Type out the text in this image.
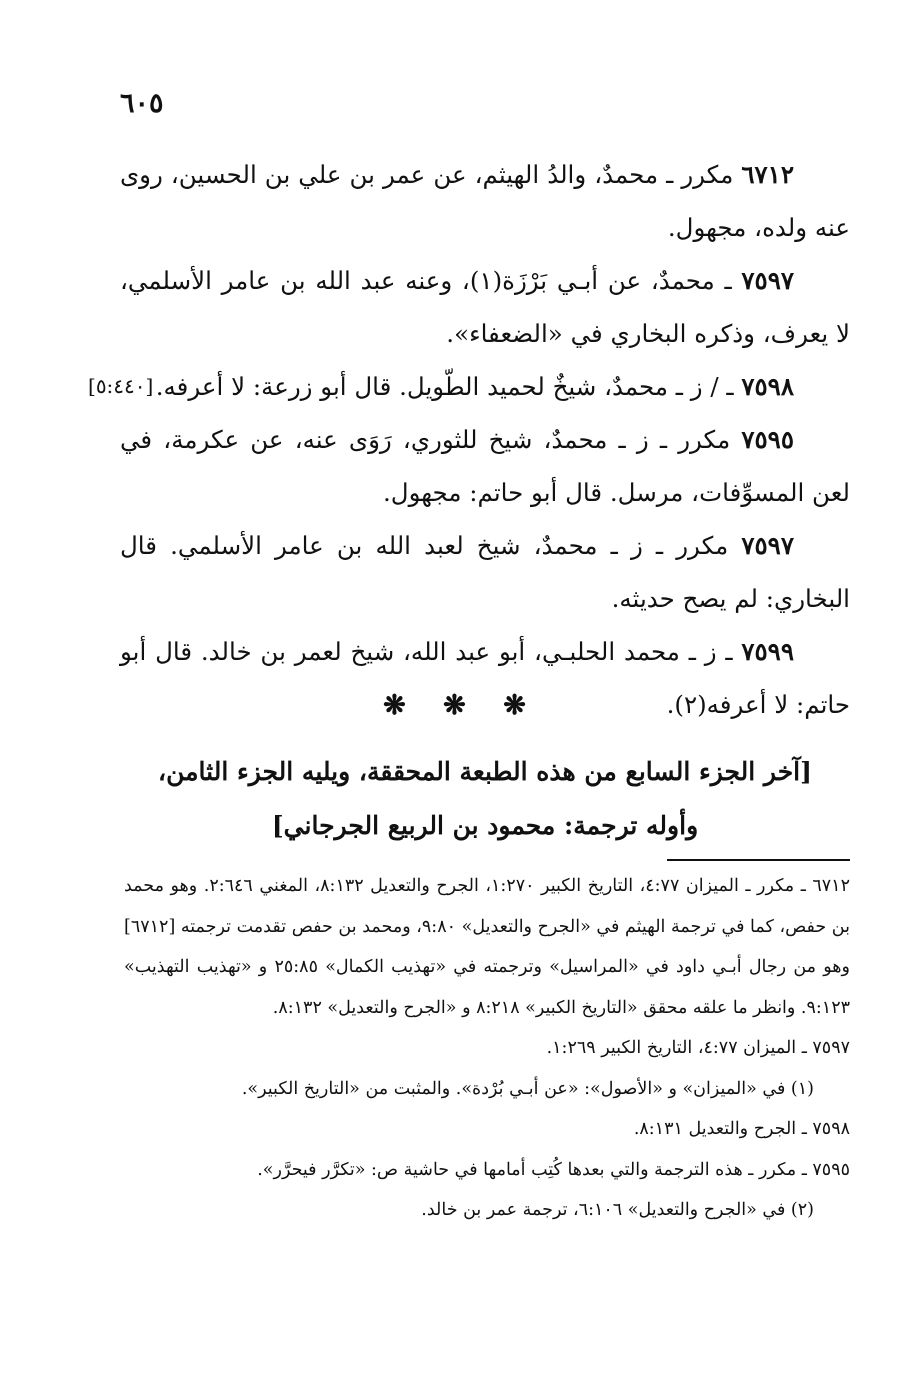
٦٠٥

٦٧١٢ مكرر ـ محمدٌ، والدُ الهيثم، عن عمر بن علي بن الحسين، روى عنه ولده، مجهول.

٧٥٩٧ ـ محمدٌ، عن أبـي بَرْزَة(١)، وعنه عبد الله بن عامر الأسلمي، لا يعرف، وذكره البخاري في «الضعفاء».

[٥:٤٤٠]	٧٥٩٨ ـ / ز ـ محمدٌ، شيخٌ لحميد الطّويل. قال أبو زرعة: لا أعرفه.

٧٥٩٥ مكرر ـ ز ـ محمدٌ، شيخ للثوري، رَوَى عنه، عن عكرمة، في لعن المسوِّفات، مرسل. قال أبو حاتم: مجهول.

٧٥٩٧ مكرر ـ ز ـ محمدٌ، شيخ لعبد الله بن عامر الأسلمي. قال البخاري: لم يصح حديثه.

٧٥٩٩ ـ ز ـ محمد الحلبـي، أبو عبد الله، شيخ لعمر بن خالد. قال أبو حاتم: لا أعرفه(٢).

❋ ❋ ❋

[آخر الجزء السابع من هذه الطبعة المحققة، ويليه الجزء الثامن،

وأوله ترجمة: محمود بن الربيع الجرجاني]

٦٧١٢ ـ مكرر ـ الميزان ٤:٧٧، التاريخ الكبير ١:٢٧٠، الجرح والتعديل ٨:١٣٢، المغني ٢:٦٤٦. وهو محمد بن حفص، كما في ترجمة الهيثم في «الجرح والتعديل» ٩:٨٠، ومحمد بن حفص تقدمت ترجمته [٦٧١٢] وهو من رجال أبـي داود في «المراسيل» وترجمته في «تهذيب الكمال» ٢٥:٨٥ و «تهذيب التهذيب» ٩:١٢٣. وانظر ما علقه محقق «التاريخ الكبير» ٨:٢١٨ و «الجرح والتعديل» ٨:١٣٢.

٧٥٩٧ ـ الميزان ٤:٧٧، التاريخ الكبير ١:٢٦٩.

(١) في «الميزان» و «الأصول»: «عن أبـي بُرْدة». والمثبت من «التاريخ الكبير».

٧٥٩٨ ـ الجرح والتعديل ٨:١٣١.

٧٥٩٥ ـ مكرر ـ هذه الترجمة والتي بعدها كُتِب أمامها في حاشية ص: «تكرَّر فيحرَّر».

(٢) في «الجرح والتعديل» ٦:١٠٦، ترجمة عمر بن خالد.
